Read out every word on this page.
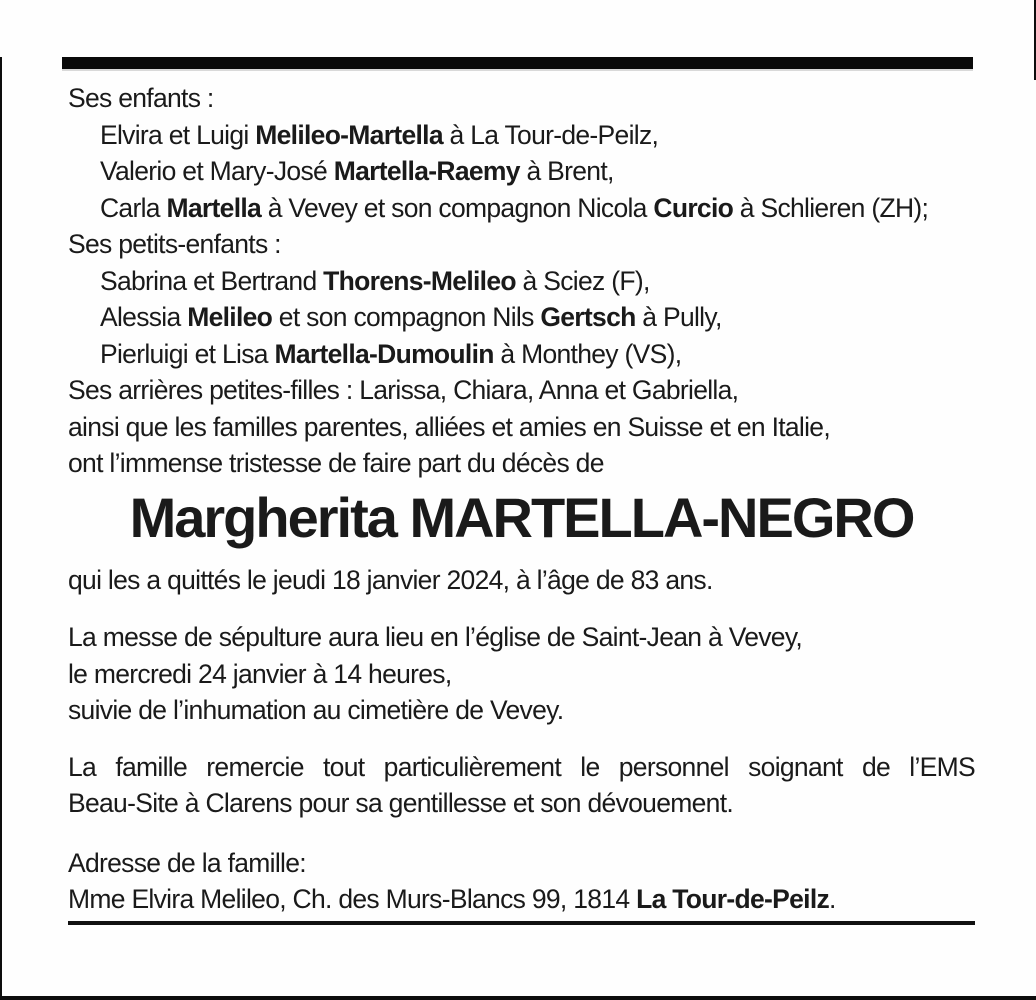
Ses enfants :
Elvira et Luigi Melileo-Martella à La Tour-de-Peilz,
Valerio et Mary-José Martella-Raemy à Brent,
Carla Martella à Vevey et son compagnon Nicola Curcio à Schlieren (ZH);
Ses petits-enfants :
Sabrina et Bertrand Thorens-Melileo à Sciez (F),
Alessia Melileo et son compagnon Nils Gertsch à Pully,
Pierluigi et Lisa Martella-Dumoulin à Monthey (VS),
Ses arrières petites-filles : Larissa, Chiara, Anna et Gabriella,
ainsi que les familles parentes, alliées et amies en Suisse et en Italie,
ont l’immense tristesse de faire part du décès de
Margherita MARTELLA-NEGRO
qui les a quittés le jeudi 18 janvier 2024, à l’âge de 83 ans.
La messe de sépulture aura lieu en l’église de Saint-Jean à Vevey,
le mercredi 24 janvier à 14 heures,
suivie de l’inhumation au cimetière de Vevey.
La famille remercie tout particulièrement le personnel soignant de l’EMS
Beau-Site à Clarens pour sa gentillesse et son dévouement.
Adresse de la famille:
Mme Elvira Melileo, Ch. des Murs-Blancs 99, 1814 La Tour-de-Peilz.
